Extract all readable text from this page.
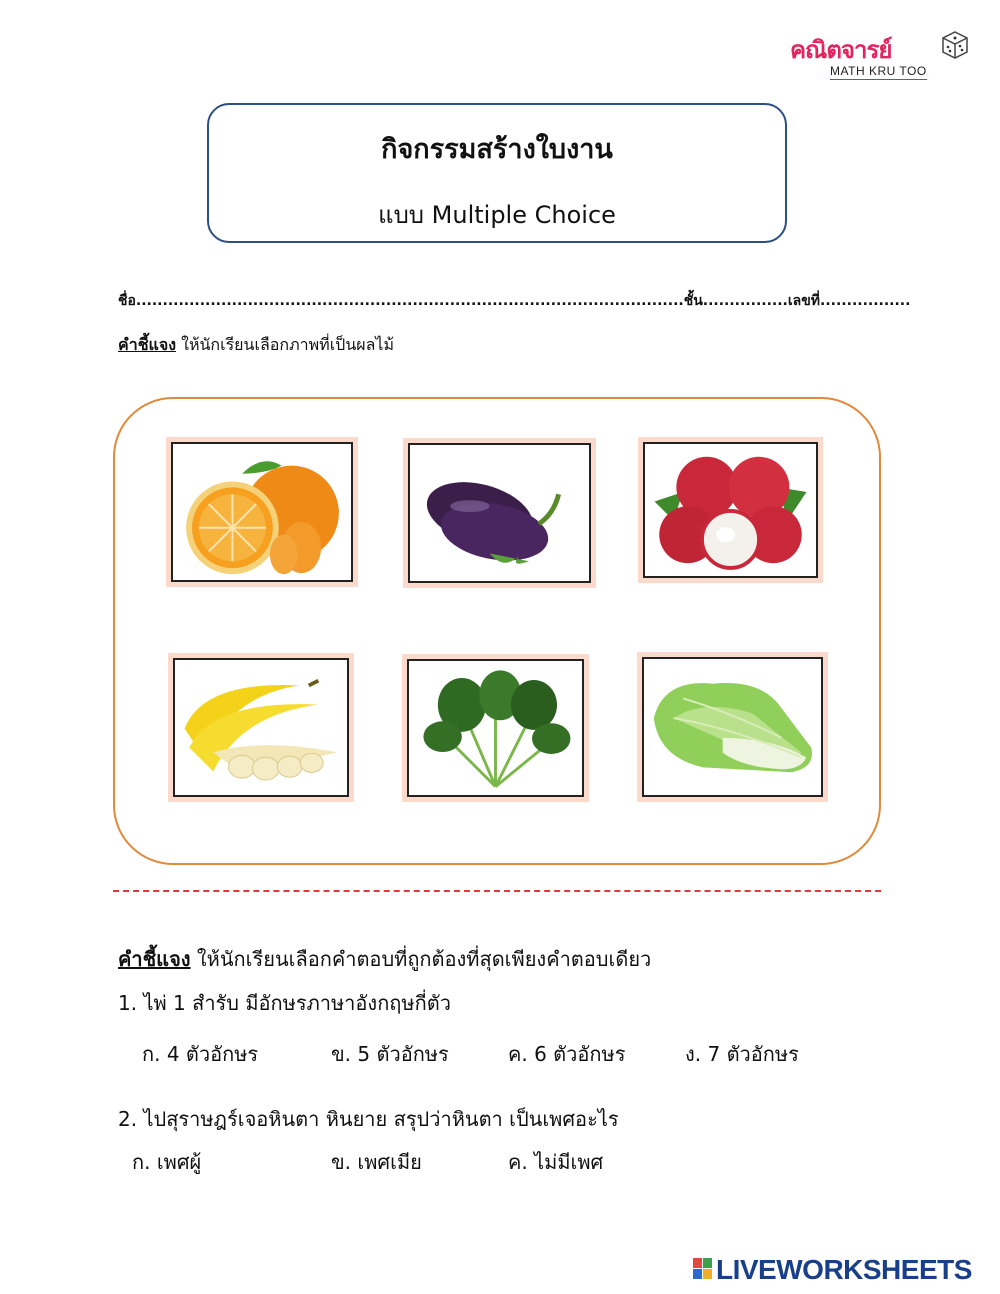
คณิตจารย์
MATH KRU TOO
กิจกรรมสร้างใบงาน
แบบ Multiple Choice
ชื่อ.......................................................................................................ชั้น................เลขที่.................
คำชี้แจง ให้นักเรียนเลือกภาพที่เป็นผลไม้
คำชี้แจง ให้นักเรียนเลือกคำตอบที่ถูกต้องที่สุดเพียงคำตอบเดียว
1. ไพ่ 1 สำรับ มีอักษรภาษาอังกฤษกี่ตัว
ก. 4 ตัวอักษร	ข. 5 ตัวอักษร	ค. 6 ตัวอักษร	ง. 7 ตัวอักษร
2. ไปสุราษฎร์เจอหินตา หินยาย สรุปว่าหินตา เป็นเพศอะไร
ก. เพศผู้	ข. เพศเมีย	ค. ไม่มีเพศ
LIVEWORKSHEETS
